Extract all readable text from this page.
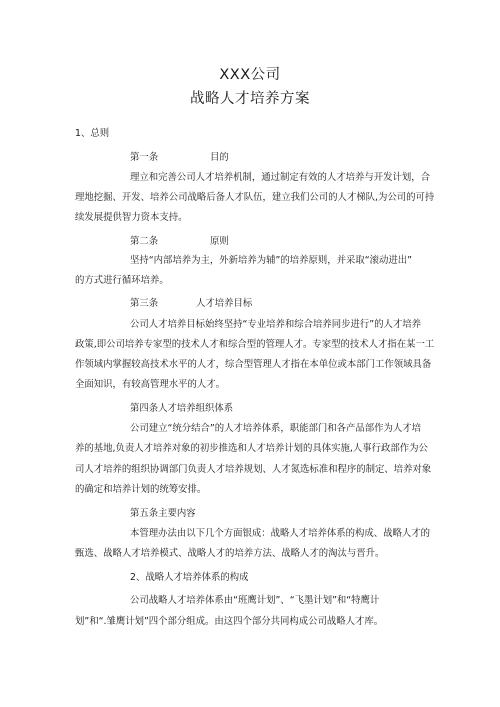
XXX公司
战略人才培养方案
1、总则
第一条	目的
理立和完善公司人才培养机制，通过制定有效的人才培养与开发计划，合
理地挖掘、开发、培养公司战略后备人才队伍，建立我们公司的人才梯队,为公司的可持
续发展提供智力资本支持。
第二条	原则
坚持“内部培养为主，外新培养为辅”的培养原则，并采取“滚动进出”
的方式进行循环培养。
第三条	人才培养目标
公司人才培养目标始终坚持“专业培养和综合培养同步进行”的人才培养
政策,即公司培养专家型的技术人才和综合型的管理人才。专家型的技术人才指在某一工
作领域内掌握较高技术水平的人才，综合型管理人才指在本单位或本部门工作领域具备
全面知识，有较高管理水平的人才。
第四条人才培养组织体系
公司建立“统分结合”的人才培养体系，职能部门和各产品部作为人才培
养的基地,负责人才培养对象的初步推选和人才培养计划的具体实施,人事行政部作为公
司人才培养的组织协调部门负责人才培养规划、人才氮选标准和程序的制定、培养对象
的确定和培养计划的统筹安排。
第五条主要内容
本管理办法由以下几个方面银成：战略人才培养体系的构成、战略人才的
甄选、战略人才培养模式、战略人才的培养方法、战略人才的淘汰与晋升。
2、战略人才培养体系的构成
公司战略人才培养体系由“班鹰计划”、“飞墨计划”和“特鹰计
划”和“.雏鹰计划”四个部分组成。由这四个部分共同构成公司战略人才库。
